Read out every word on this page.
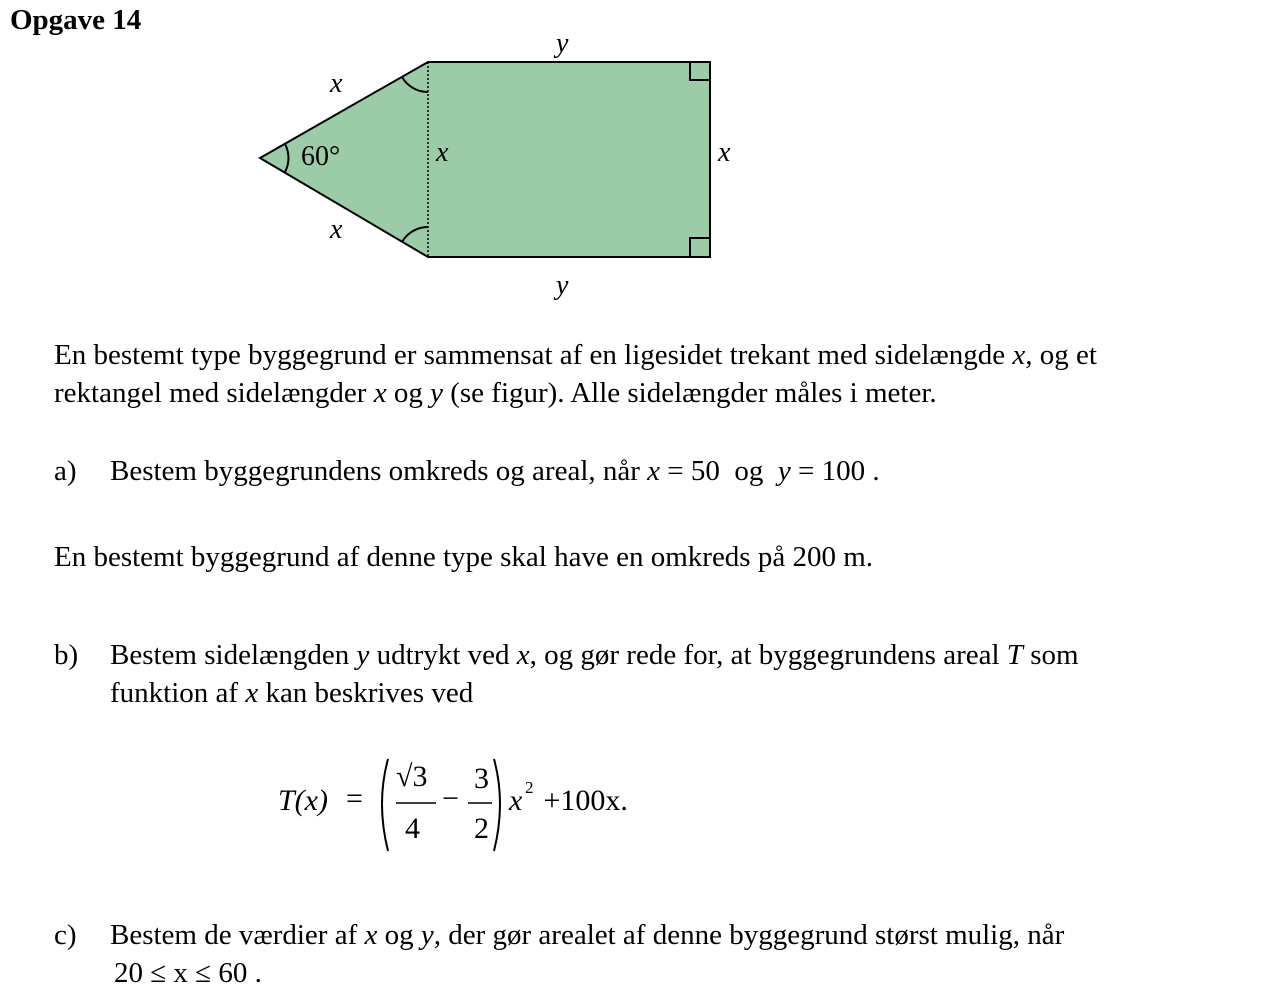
Opgave 14
y
y
x
x
x	x
60°
En bestemt type byggegrund er sammensat af en ligesidet trekant med sidelængde x, og et
rektangel med sidelængder x og y (se figur). Alle sidelængder måles i meter.
a) Bestem byggegrundens omkreds og areal, når x = 50  og  y = 100 .
En bestemt byggegrund af denne type skal have en omkreds på 200 m.
b) Bestem sidelængden y udtrykt ved x, og gør rede for, at byggegrundens areal T som
funktion af x kan beskrives ved
T(x) =
√3
4
−
3
2
x 2 +100x.
c) Bestem de værdier af x og y, der gør arealet af denne byggegrund størst mulig, når
20 ≤ x ≤ 60 .
